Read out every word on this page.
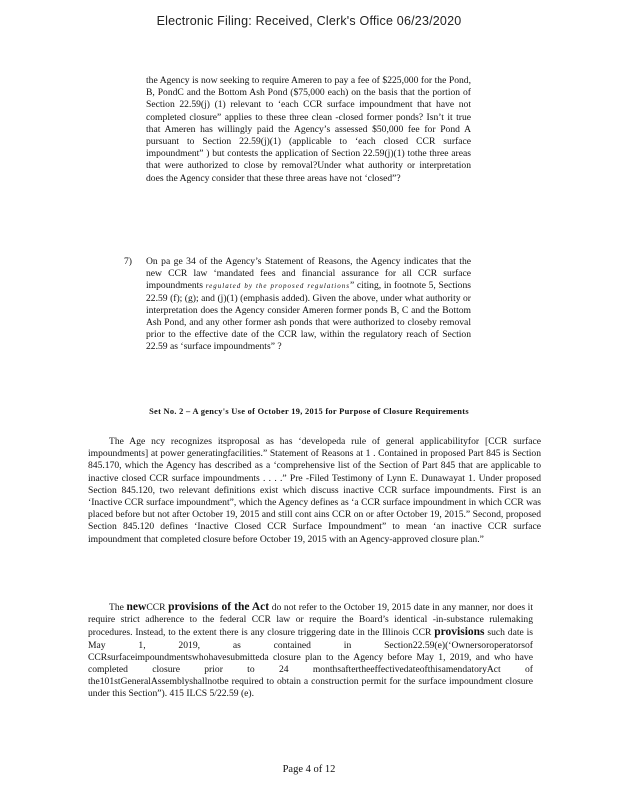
Electronic Filing: Received, Clerk's Office 06/23/2020

the Agency is now seeking to require Ameren to pay a fee of $225,000 for the Pond, B, PondC and the Bottom Ash Pond ($75,000 each) on the basis that the portion of Section 22.59(j) (1) relevant to ‘each CCR surface impoundment that have not completed closure” applies to these three clean -closed former ponds? Isn’t it true that Ameren has willingly paid the Agency’s assessed $50,000 fee for Pond A pursuant to Section 22.59(j)(1) (applicable to ‘each closed CCR surface impoundment” ) but contests the application of Section 22.59(j)(1) tothe three areas that were authorized to close by removal?Under what authority or interpretation does the Agency consider that these three areas have not ‘closed”?

7) On pa ge 34 of the Agency’s Statement of Reasons, the Agency indicates that the new CCR law ‘mandated fees and financial assurance for all CCR surface impoundments regulated by the proposed regulations” citing, in footnote 5, Sections 22.59 (f); (g); and (j)(1) (emphasis added). Given the above, under what authority or interpretation does the Agency consider Ameren former ponds B, C and the Bottom Ash Pond, and any other former ash ponds that were authorized to closeby removal prior to the effective date of the CCR law, within the regulatory reach of Section 22.59 as ‘surface impoundments” ?
Set No. 2 – A gency's Use of October 19, 2015 for Purpose of Closure Requirements

The Age ncy recognizes itsproposal as has ‘developeda rule of general applicabilityfor [CCR surface impoundments] at power generatingfacilities.” Statement of Reasons at 1 . Contained in proposed Part 845 is Section 845.170, which the Agency has described as a ‘comprehensive list of the Section of Part 845 that are applicable to inactive closed CCR surface impoundments . . . .” Pre -Filed Testimony of Lynn E. Dunawayat 1. Under proposed Section 845.120, two relevant definitions exist which discuss inactive CCR surface impoundments. First is an ‘Inactive CCR surface impoundment”, which the Agency defines as ‘a CCR surface impoundment in which CCR was placed before but not after October 19, 2015 and still cont ains CCR on or after October 19, 2015.” Second, proposed Section 845.120 defines ‘Inactive Closed CCR Surface Impoundment” to mean ‘an inactive CCR surface impoundment that completed closure before October 19, 2015 with an Agency-approved closure plan.”

The newCCR provisions of the Act do not refer to the October 19, 2015 date in any manner, nor does it require strict adherence to the federal CCR law or require the Board’s identical -in-substance rulemaking procedures. Instead, to the extent there is any closure triggering date in the Illinois CCR provisions such date is May 1, 2019, as contained in Section22.59(e)(‘Ownersoroperatorsof CCRsurfaceimpoundmentswhohavesubmitteda closure plan to the Agency before May 1, 2019, and who have completed closure prior to 24 monthsaftertheeffectivedateofthisamendatoryAct of the101stGeneralAssemblyshallnotbe required to obtain a construction permit for the surface impoundment closure under this Section”). 415 ILCS 5/22.59 (e).

Page 4 of 12
